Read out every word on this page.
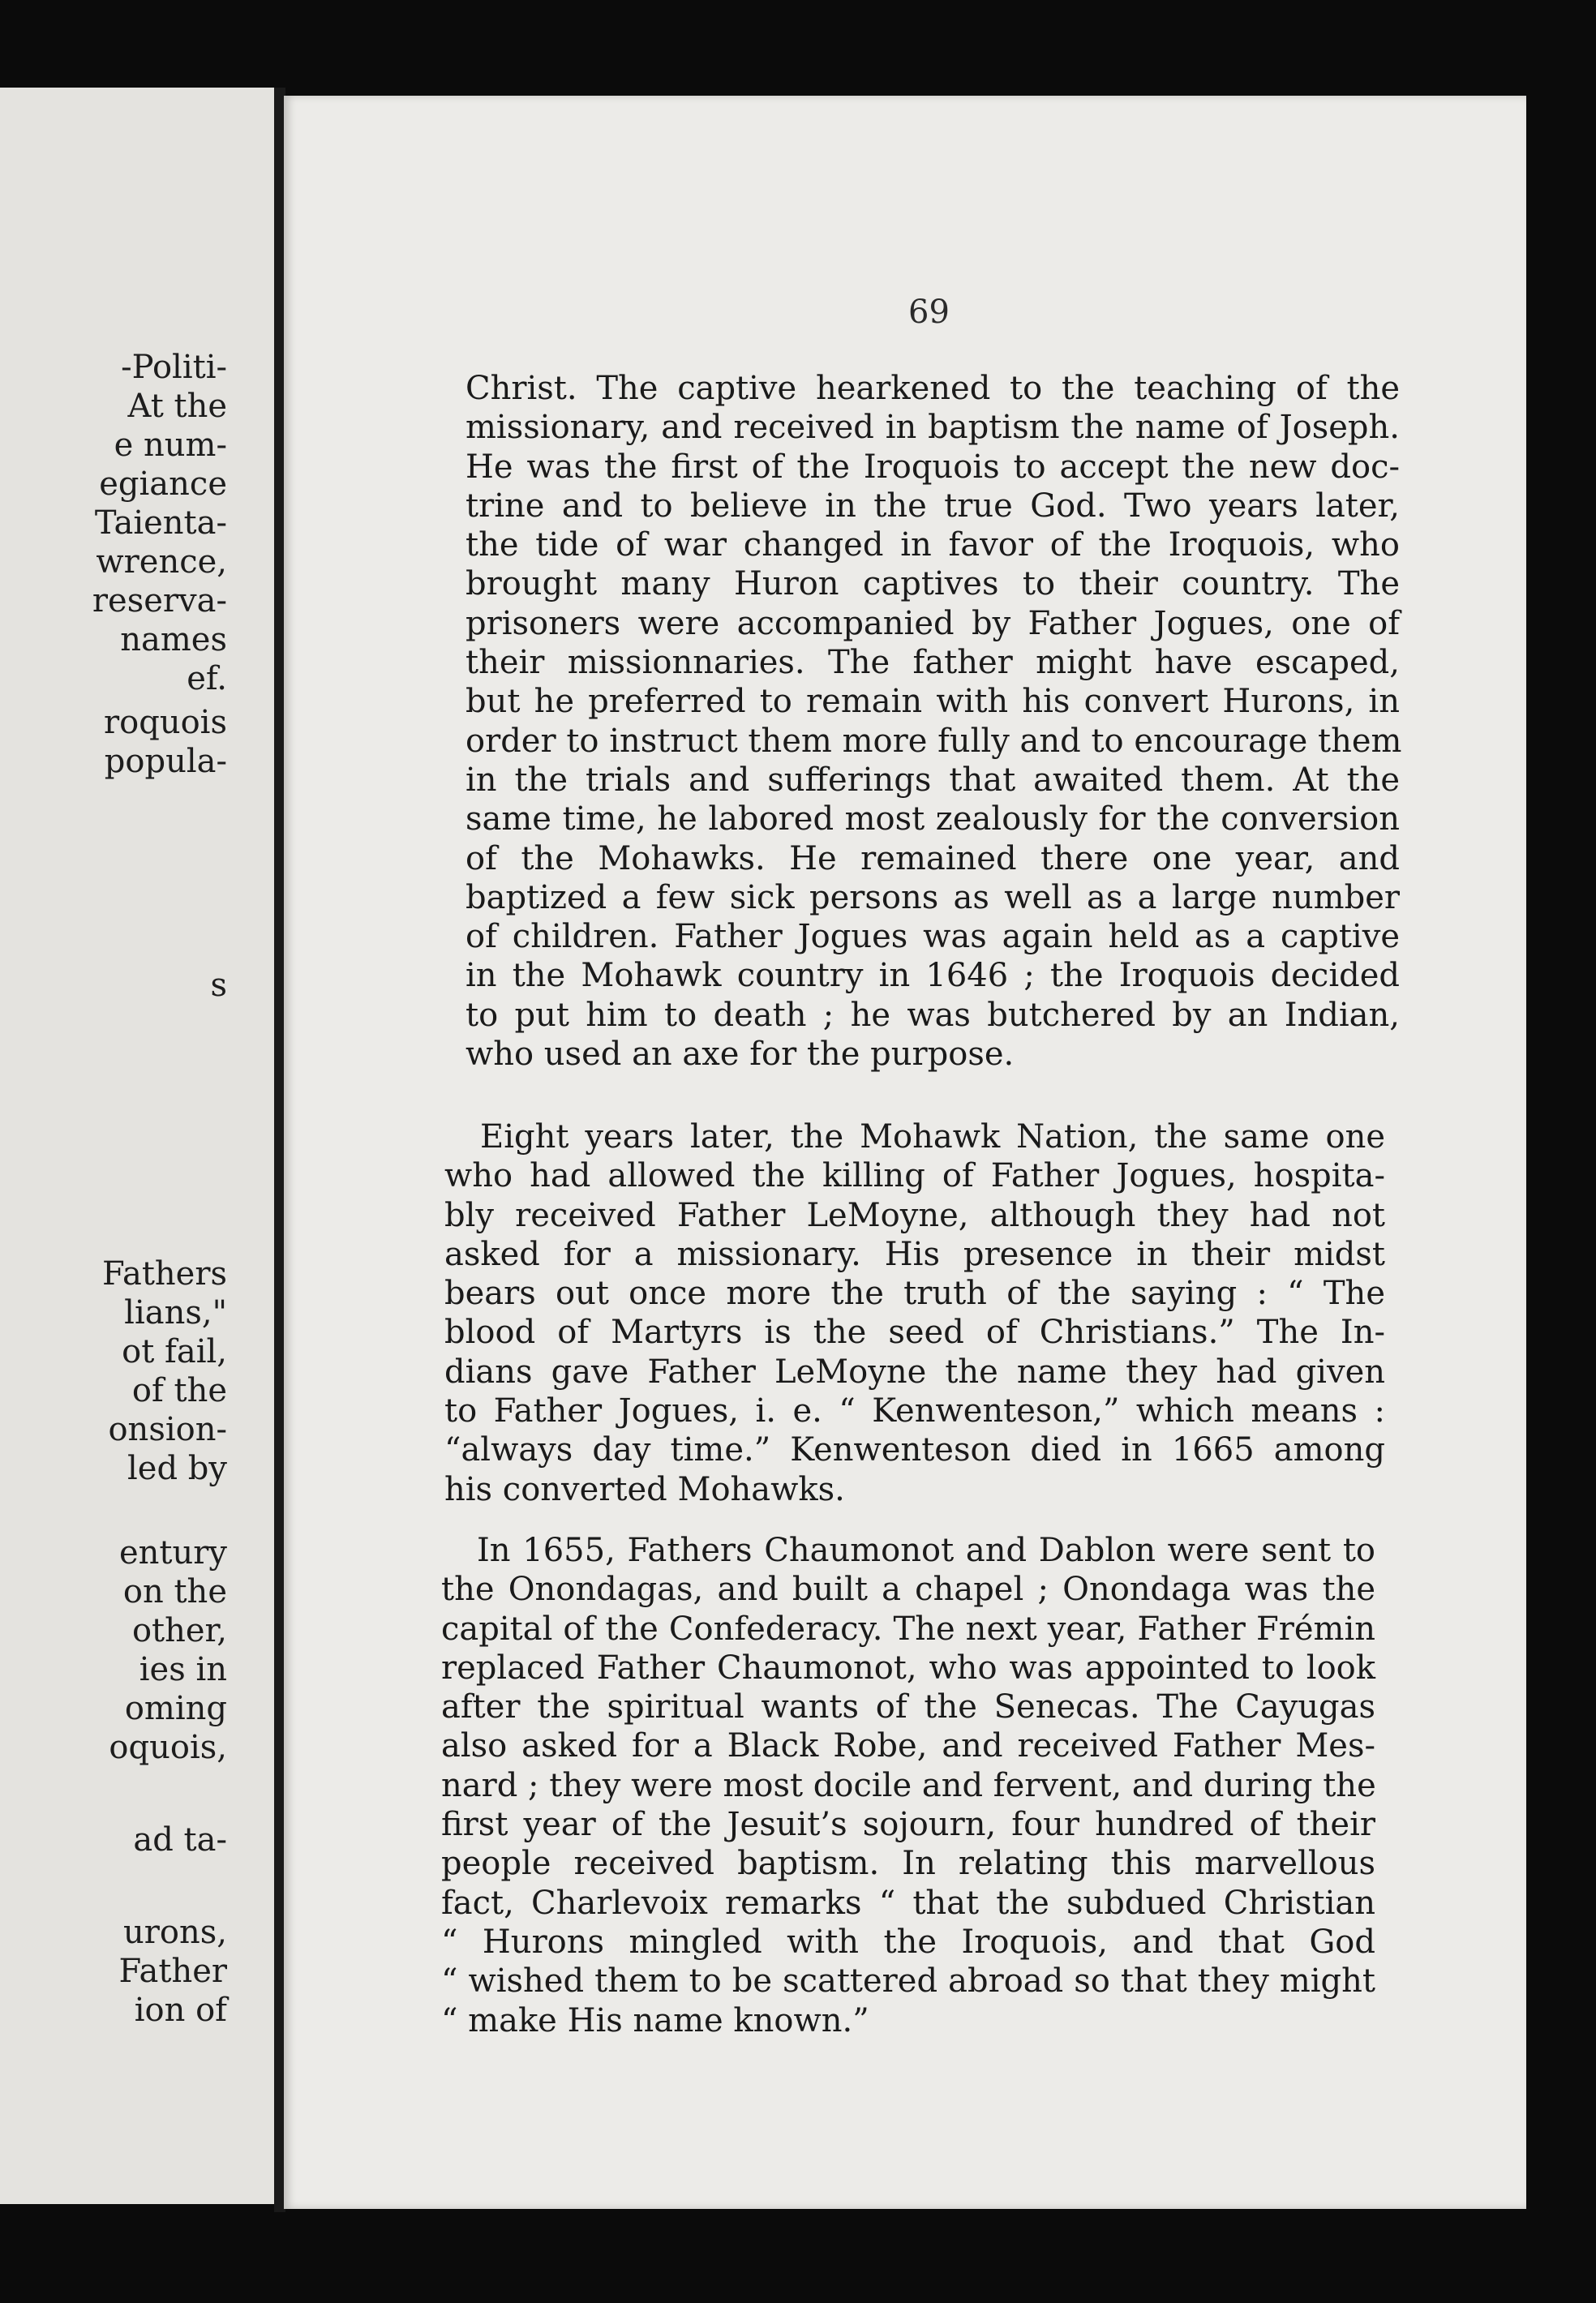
-Politi-
At the
e num-
egiance
Taienta-
wrence,
reserva-
names
ef.
roquois
popula-
s
Fathers
lians,"
ot fail,
of the
onsion-
led by
entury
on the
other,
ies in
oming
oquois,
ad ta-
urons,
Father
ion of
69
Christ. The captive hearkened to the teaching of the
missionary, and received in baptism the name of Joseph.
He was the first of the Iroquois to accept the new doc-
trine and to believe in the true God. Two years later,
the tide of war changed in favor of the Iroquois, who
brought many Huron captives to their country. The
prisoners were accompanied by Father Jogues, one of
their missionnaries. The father might have escaped,
but he preferred to remain with his convert Hurons, in
order to instruct them more fully and to encourage them
in the trials and sufferings that awaited them. At the
same time, he labored most zealously for the conversion
of the Mohawks. He remained there one year, and
baptized a few sick persons as well as a large number
of children. Father Jogues was again held as a captive
in the Mohawk country in 1646 ; the Iroquois decided
to put him to death ; he was butchered by an Indian,
who used an axe for the purpose.
Eight years later, the Mohawk Nation, the same one
who had allowed the killing of Father Jogues, hospita-
bly received Father LeMoyne, although they had not
asked for a missionary. His presence in their midst
bears out once more the truth of the saying : “ The
blood of Martyrs is the seed of Christians.” The In-
dians gave Father LeMoyne the name they had given
to Father Jogues, i. e. “ Kenwenteson,” which means :
“always day time.” Kenwenteson died in 1665 among
his converted Mohawks.
In 1655, Fathers Chaumonot and Dablon were sent to
the Onondagas, and built a chapel ; Onondaga was the
capital of the Confederacy. The next year, Father Frémin
replaced Father Chaumonot, who was appointed to look
after the spiritual wants of the Senecas. The Cayugas
also asked for a Black Robe, and received Father Mes-
nard ; they were most docile and fervent, and during the
first year of the Jesuit’s sojourn, four hundred of their
people received baptism. In relating this marvellous
fact, Charlevoix remarks “ that the subdued Christian
“ Hurons mingled with the Iroquois, and that God
“ wished them to be scattered abroad so that they might
“ make His name known.”
